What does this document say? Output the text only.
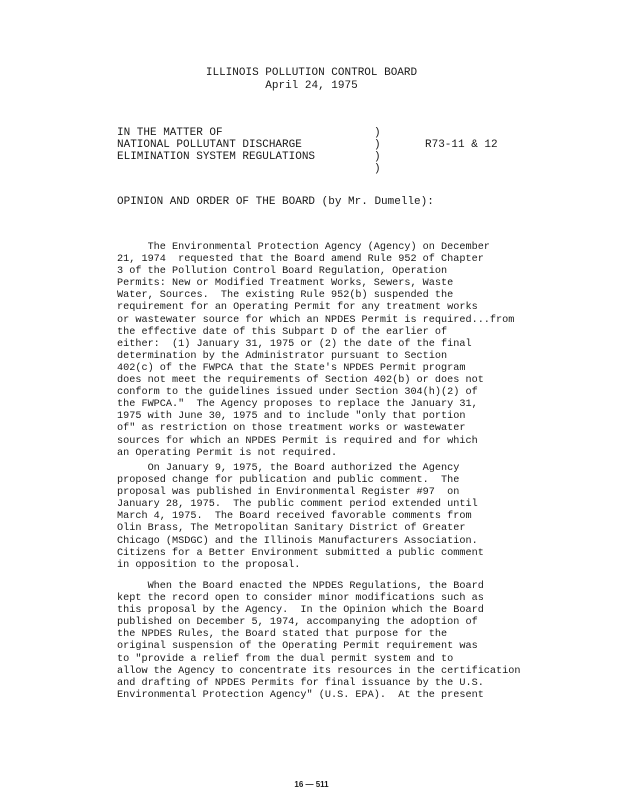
ILLINOIS POLLUTION CONTROL BOARD
April 24, 1975
IN THE MATTER OF
NATIONAL POLLUTANT DISCHARGE
ELIMINATION SYSTEM REGULATIONS
)
)
)
)
R73-11 & 12
OPINION AND ORDER OF THE BOARD (by Mr. Dumelle):

The Environmental Protection Agency (Agency) on December
21, 1974  requested that the Board amend Rule 952 of Chapter
3 of the Pollution Control Board Regulation, Operation
Permits: New or Modified Treatment Works, Sewers, Waste
Water, Sources.  The existing Rule 952(b) suspended the
requirement for an Operating Permit for any treatment works
or wastewater source for which an NPDES Permit is required...from
the effective date of this Subpart D of the earlier of
either:  (1) January 31, 1975 or (2) the date of the final
determination by the Administrator pursuant to Section
402(c) of the FWPCA that the State's NPDES Permit program
does not meet the requirements of Section 402(b) or does not
conform to the guidelines issued under Section 304(h)(2) of
the FWPCA."  The Agency proposes to replace the January 31,
1975 with June 30, 1975 and to include "only that portion
of" as restriction on those treatment works or wastewater
sources for which an NPDES Permit is required and for which
an Operating Permit is not required.

On January 9, 1975, the Board authorized the Agency
proposed change for publication and public comment.  The
proposal was published in Environmental Register #97  on
January 28, 1975.  The public comment period extended until
March 4, 1975.  The Board received favorable comments from
Olin Brass, The Metropolitan Sanitary District of Greater
Chicago (MSDGC) and the Illinois Manufacturers Association.
Citizens for a Better Environment submitted a public comment
in opposition to the proposal.

When the Board enacted the NPDES Regulations, the Board
kept the record open to consider minor modifications such as
this proposal by the Agency.  In the Opinion which the Board
published on December 5, 1974, accompanying the adoption of
the NPDES Rules, the Board stated that purpose for the
original suspension of the Operating Permit requirement was
to "provide a relief from the dual permit system and to
allow the Agency to concentrate its resources in the certification
and drafting of NPDES Permits for final issuance by the U.S.
Environmental Protection Agency" (U.S. EPA).  At the present

16 — 511
